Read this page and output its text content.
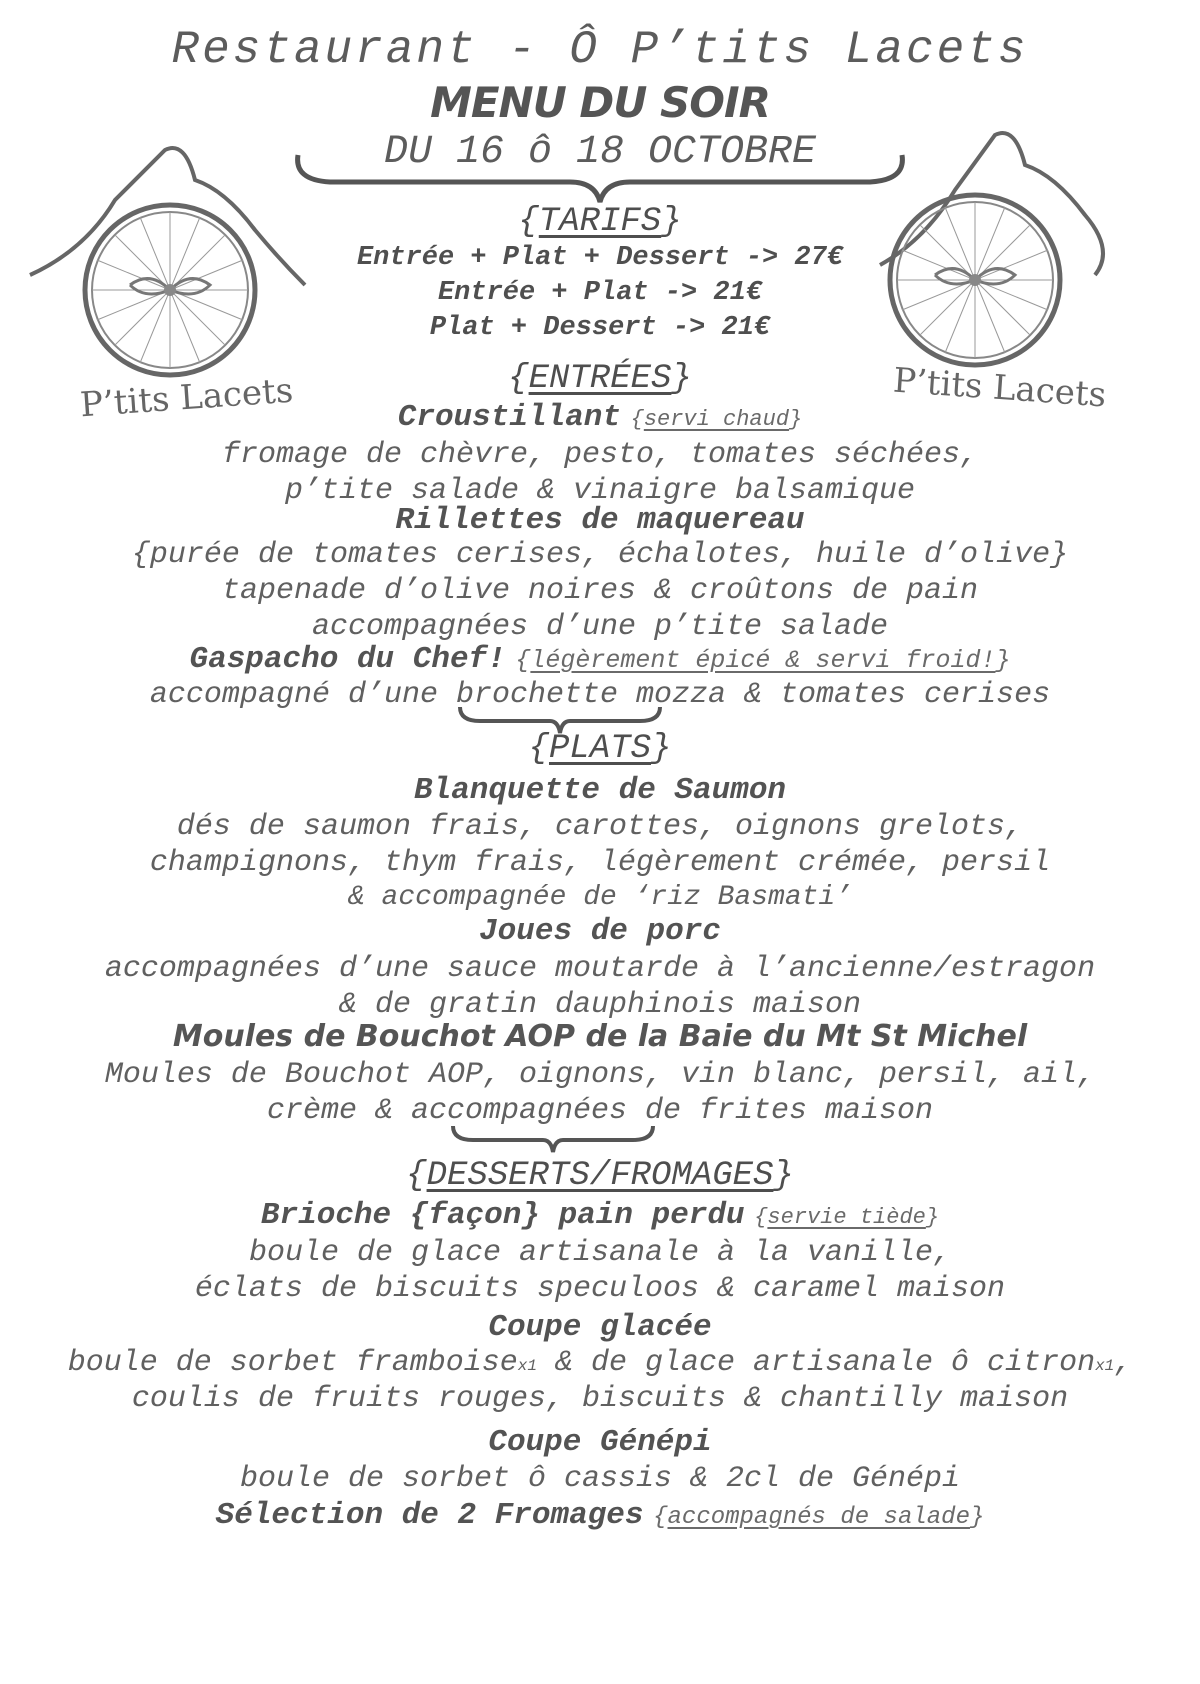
Restaurant - Ô P’tits Lacets
MENU DU SOIR
DU 16 ô 18 OCTOBRE
P’tits Lacets	P’tits Lacets
{TARIFS}
Entrée + Plat + Dessert -> 27€
Entrée + Plat -> 21€
Plat + Dessert -> 21€
{ENTRÉES}
Croustillant {servi chaud}
fromage de chèvre, pesto, tomates séchées,
p’tite salade & vinaigre balsamique
Rillettes de maquereau
{purée de tomates cerises, échalotes, huile d’olive}
tapenade d’olive noires & croûtons de pain
accompagnées d’une p’tite salade
Gaspacho du Chef! {légèrement épicé & servi froid!}
accompagné d’une brochette mozza & tomates cerises
{PLATS}
Blanquette de Saumon
dés de saumon frais, carottes, oignons grelots,
champignons, thym frais, légèrement crémée, persil
& accompagnée de ‘riz Basmati’
Joues de porc
accompagnées d’une sauce moutarde à l’ancienne/estragon
& de gratin dauphinois maison
Moules de Bouchot AOP de la Baie du Mt St Michel
Moules de Bouchot AOP, oignons, vin blanc, persil, ail,
crème & accompagnées de frites maison
{DESSERTS/FROMAGES}
Brioche {façon} pain perdu {servie tiède}
boule de glace artisanale à la vanille,
éclats de biscuits speculoos & caramel maison
Coupe glacée
boule de sorbet framboisex1 & de glace artisanale ô citronx1,
coulis de fruits rouges, biscuits & chantilly maison
Coupe Génépi
boule de sorbet ô cassis & 2cl de Génépi
Sélection de 2 Fromages {accompagnés de salade}
